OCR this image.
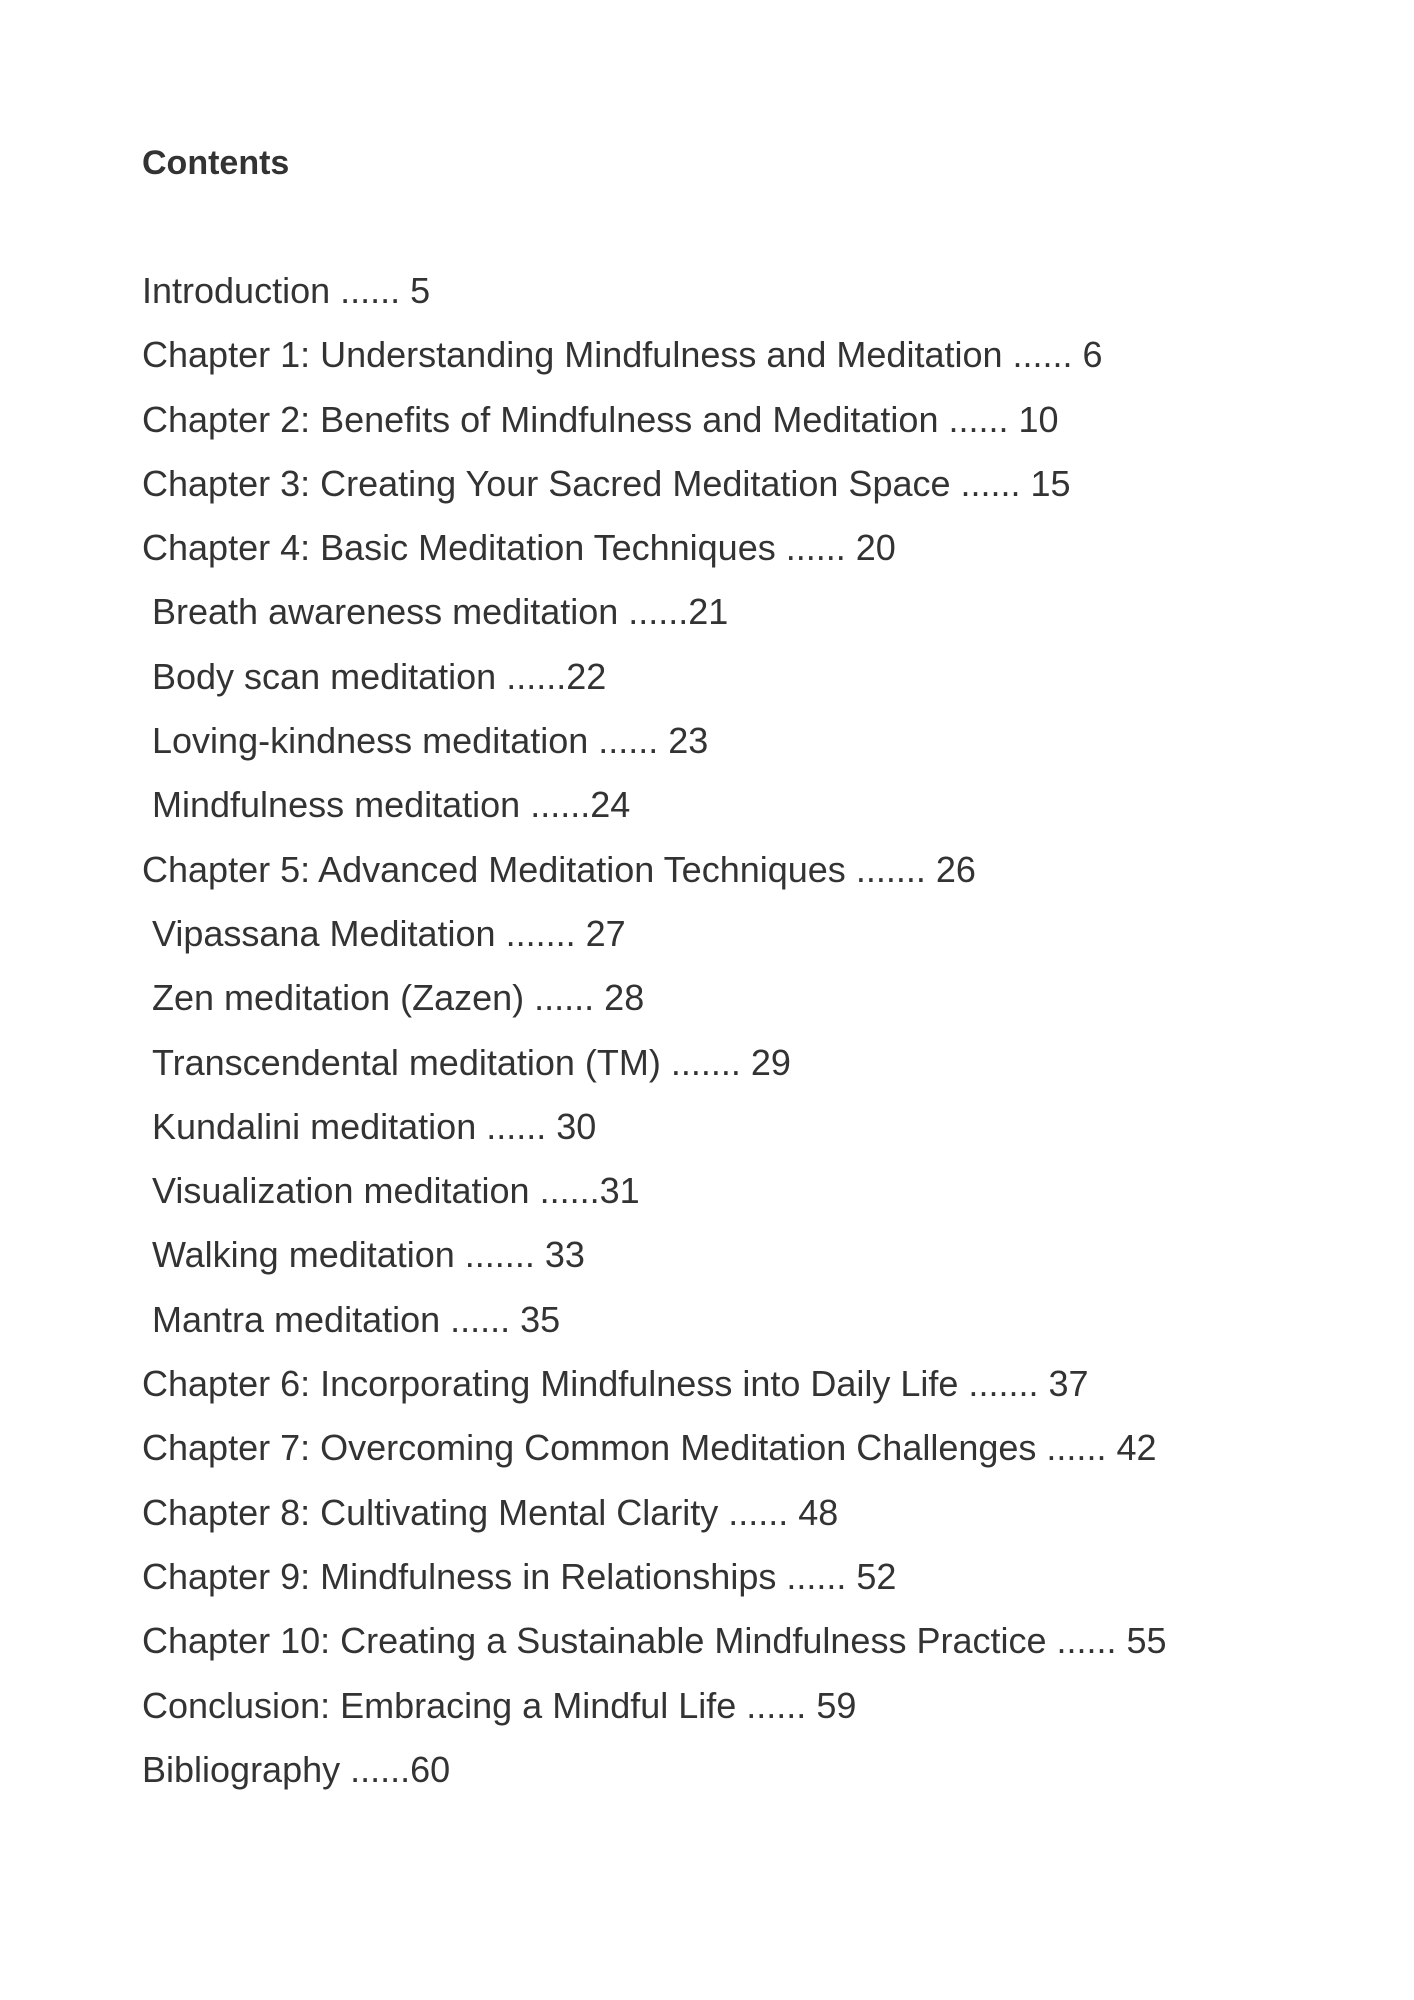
Contents
Introduction ...... 5
Chapter 1: Understanding Mindfulness and Meditation ...... 6
Chapter 2: Benefits of Mindfulness and Meditation ...... 10
Chapter 3: Creating Your Sacred Meditation Space ...... 15
Chapter 4: Basic Meditation Techniques ...... 20
Breath awareness meditation ......21
Body scan meditation ......22
Loving-kindness meditation ...... 23
Mindfulness meditation ......24
Chapter 5: Advanced Meditation Techniques ....... 26
Vipassana Meditation ....... 27
Zen meditation (Zazen) ...... 28
Transcendental meditation (TM) ....... 29
Kundalini meditation ...... 30
Visualization meditation ......31
Walking meditation ....... 33
Mantra meditation ...... 35
Chapter 6: Incorporating Mindfulness into Daily Life ....... 37
Chapter 7: Overcoming Common Meditation Challenges ...... 42
Chapter 8: Cultivating Mental Clarity ...... 48
Chapter 9: Mindfulness in Relationships ...... 52
Chapter 10: Creating a Sustainable Mindfulness Practice ...... 55
Conclusion: Embracing a Mindful Life ...... 59
Bibliography ......60
